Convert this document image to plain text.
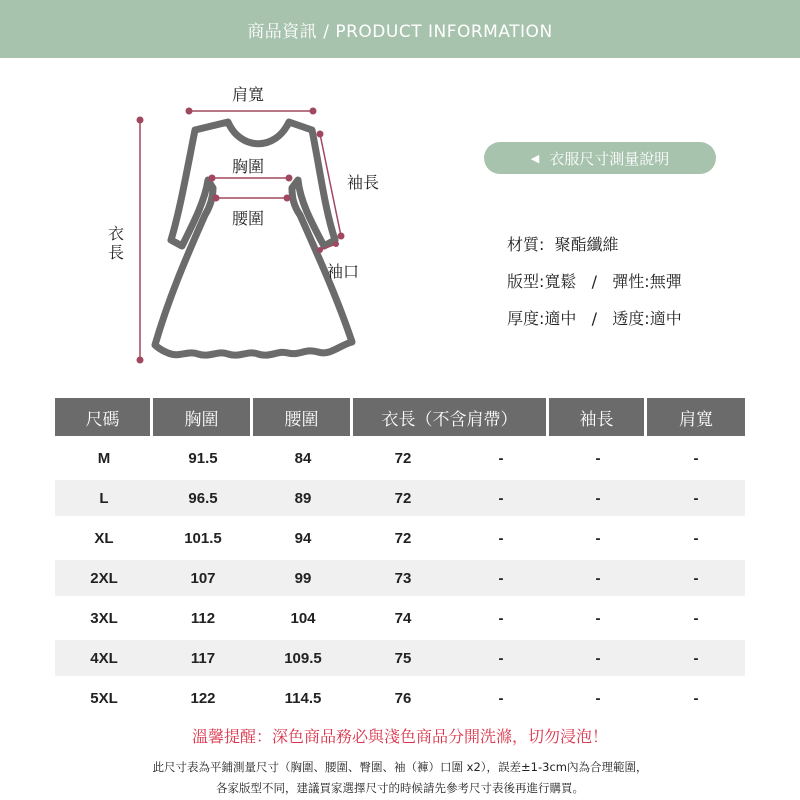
商品資訊 / PRODUCT INFORMATION
肩寬
胸圍
腰圍
袖長
袖口
衣長
◀ 衣服尺寸測量說明
材質: 聚酯纖維
版型:寬鬆   /   彈性:無彈
厚度:適中   /   透度:適中
尺碼	胸圍	腰圍	衣長（不含肩帶）	袖長	肩寬
M	91.5	84	72	-	-	-
L	96.5	89	72	-	-	-
XL	101.5	94	72	-	-	-
2XL	107	99	73	-	-	-
3XL	112	104	74	-	-	-
4XL	117	109.5	75	-	-	-
5XL	122	114.5	76	-	-	-
溫馨提醒：深色商品務必與淺色商品分開洗滌，切勿浸泡！
此尺寸表為平鋪測量尺寸（胸圍、腰圍、臀圍、袖（褲）口圍 x2），誤差±1-3cm內為合理範圍，
各家版型不同，建議買家選擇尺寸的時候請先參考尺寸表後再進行購買。
